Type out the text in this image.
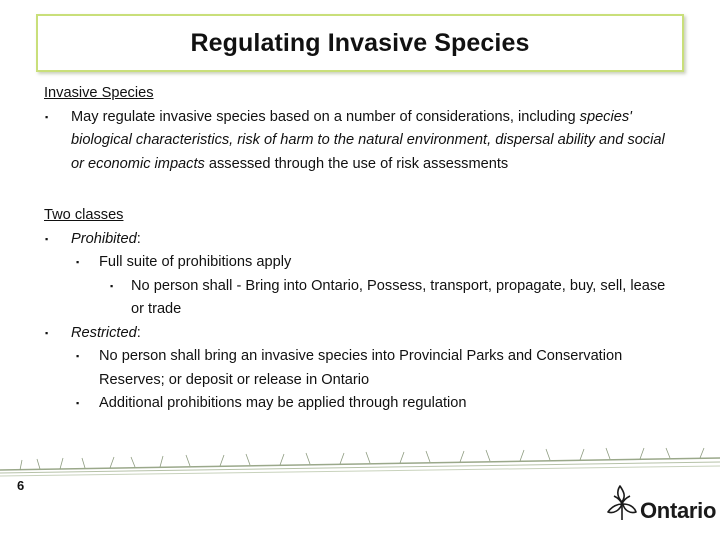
Regulating Invasive Species
Invasive Species
▪ May regulate invasive species based on a number of considerations, including species' biological characteristics, risk of harm to the natural environment, dispersal ability and social or economic impacts assessed through the use of risk assessments
Two classes
▪ Prohibited:
▪ Full suite of prohibitions apply
▪ No person shall - Bring into Ontario, Possess, transport, propagate, buy, sell, lease or trade
▪ Restricted:
▪ No person shall bring an invasive species into Provincial Parks and Conservation Reserves; or deposit or release in Ontario
▪ Additional prohibitions may be applied through regulation
6
Ontario
